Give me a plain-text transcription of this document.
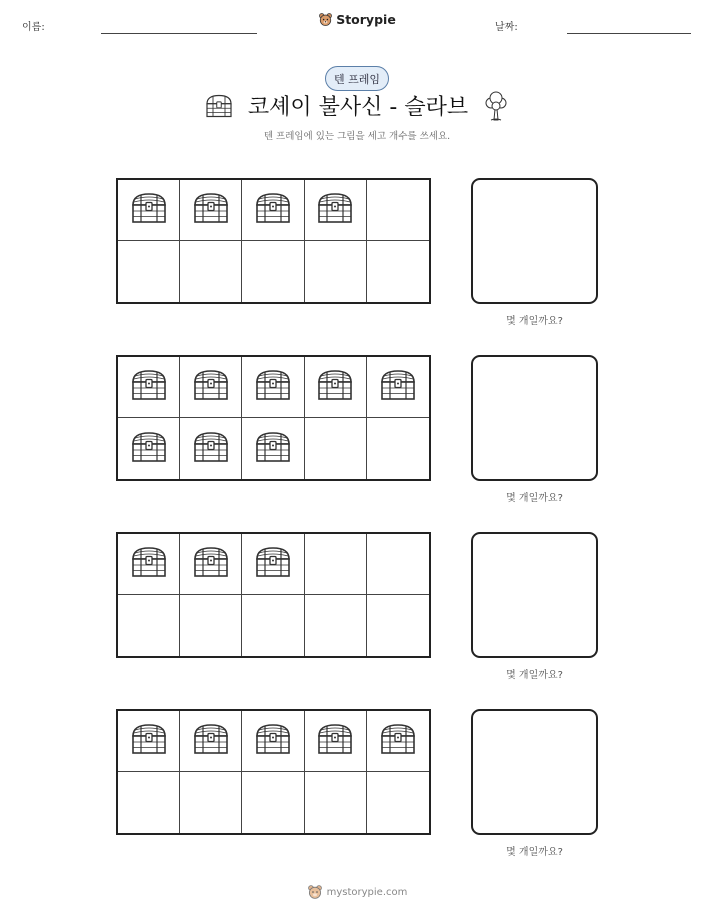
이름:
Storypie
날짜:
텐 프레임
코셰이 불사신 - 슬라브
텐 프레임에 있는 그림을 세고 개수를 쓰세요.
몇 개일까요?
몇 개일까요?
몇 개일까요?
몇 개일까요?
mystorypie.com
